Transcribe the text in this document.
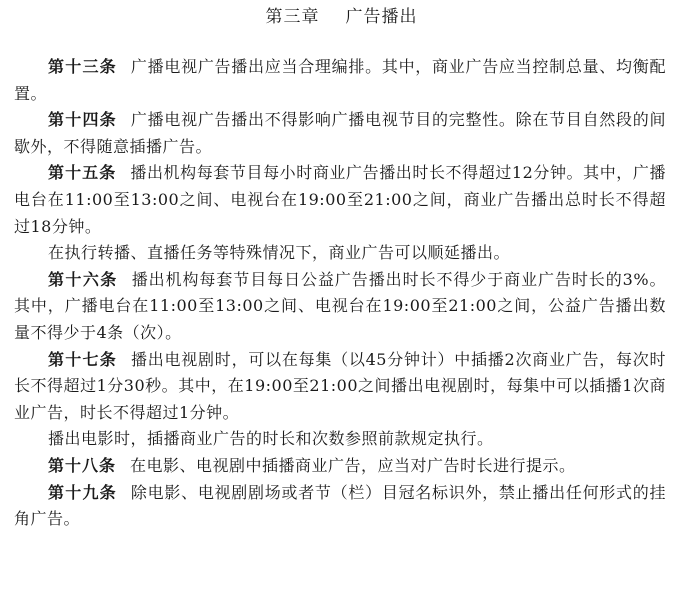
第三章 广告播出

第十三条 广播电视广告播出应当合理编排。其中，商业广告应当控制总量、均衡配置。

第十四条 广播电视广告播出不得影响广播电视节目的完整性。除在节目自然段的间歇外，不得随意插播广告。

第十五条 播出机构每套节目每小时商业广告播出时长不得超过12分钟。其中，广播电台在11:00至13:00之间、电视台在19:00至21:00之间，商业广告播出总时长不得超过18分钟。

在执行转播、直播任务等特殊情况下，商业广告可以顺延播出。

第十六条 播出机构每套节目每日公益广告播出时长不得少于商业广告时长的3%。其中，广播电台在11:00至13:00之间、电视台在19:00至21:00之间，公益广告播出数量不得少于4条（次）。

第十七条 播出电视剧时，可以在每集（以45分钟计）中插播2次商业广告，每次时长不得超过1分30秒。其中，在19:00至21:00之间播出电视剧时，每集中可以插播1次商业广告，时长不得超过1分钟。

播出电影时，插播商业广告的时长和次数参照前款规定执行。

第十八条 在电影、电视剧中插播商业广告，应当对广告时长进行提示。

第十九条 除电影、电视剧剧场或者节（栏）目冠名标识外，禁止播出任何形式的挂角广告。
